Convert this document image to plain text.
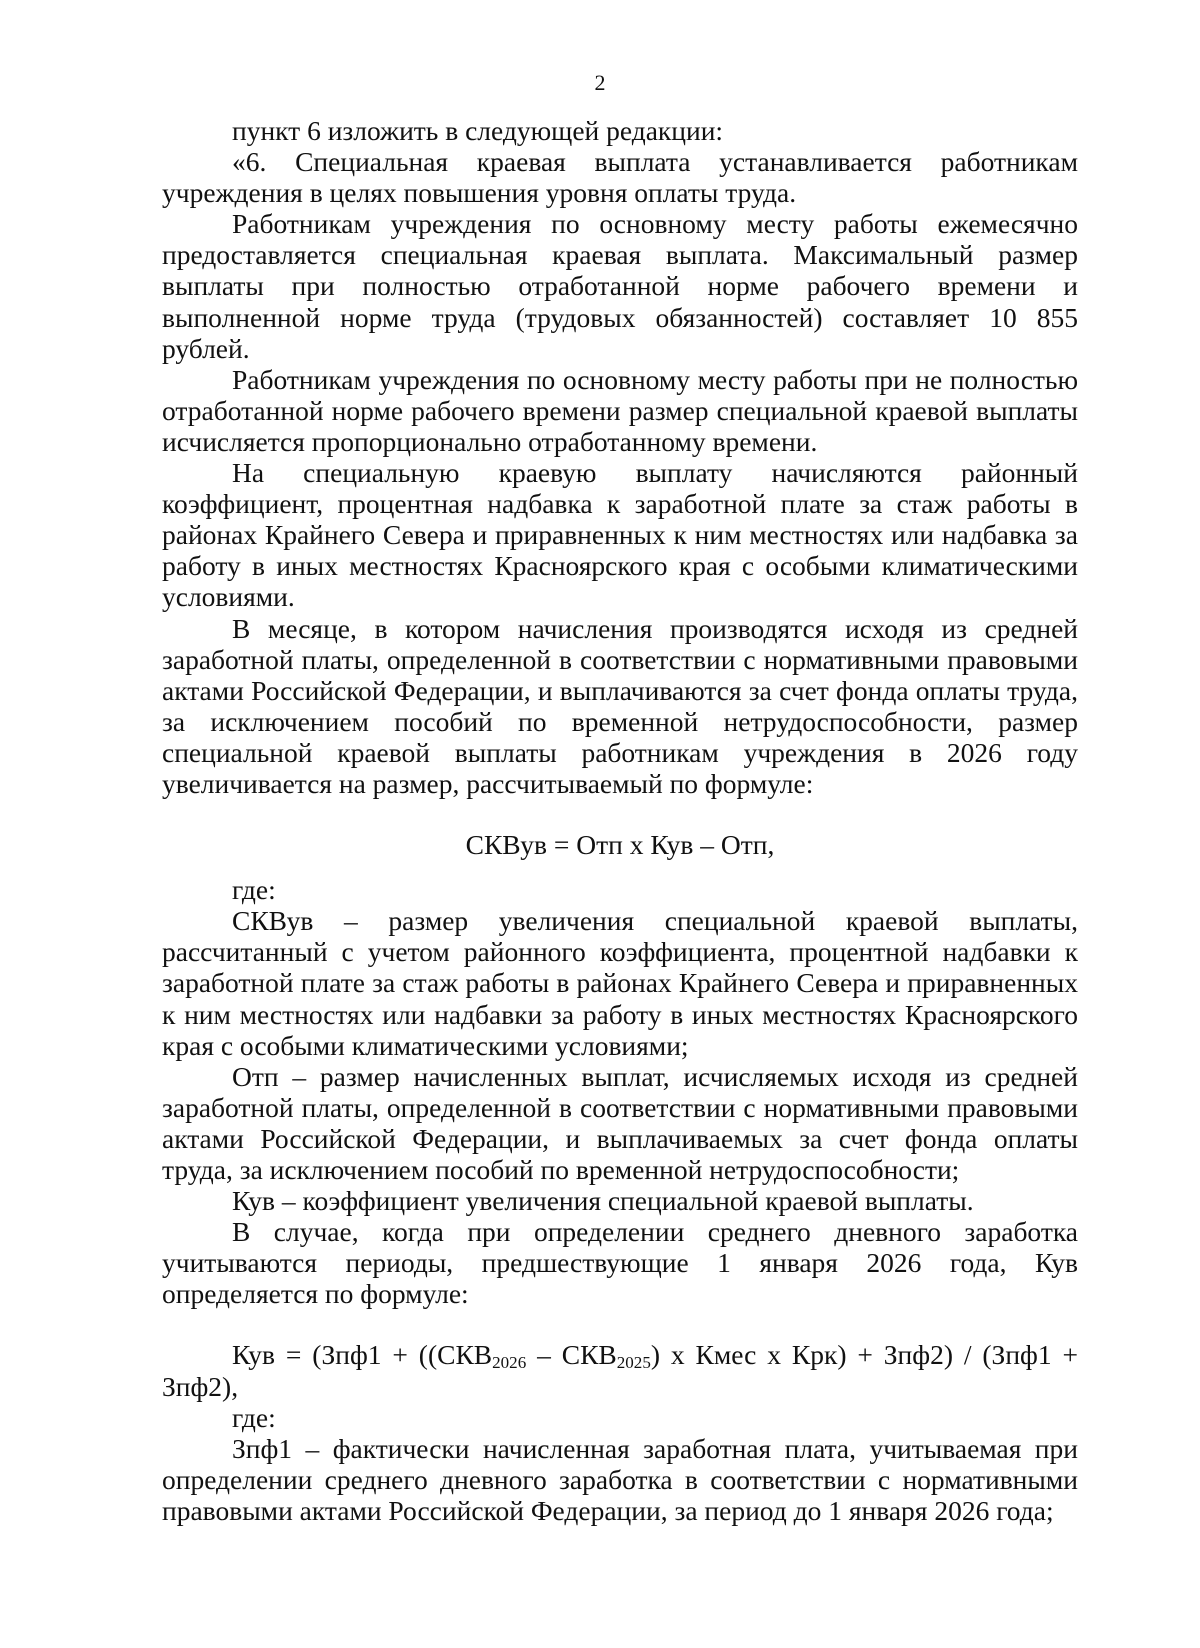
2

пункт 6 изложить в следующей редакции:

«6. Специальная краевая выплата устанавливается работникам учреждения в целях повышения уровня оплаты труда.

Работникам учреждения по основному месту работы ежемесячно предоставляется специальная краевая выплата. Максимальный размер выплаты при полностью отработанной норме рабочего времени и выполненной норме труда (трудовых обязанностей) составляет 10 855 рублей.

Работникам учреждения по основному месту работы при не полностью отработанной норме рабочего времени размер специальной краевой выплаты исчисляется пропорционально отработанному времени.

На специальную краевую выплату начисляются районный коэффициент, процентная надбавка к заработной плате за стаж работы в районах Крайнего Севера и приравненных к ним местностях или надбавка за работу в иных местностях Красноярского края с особыми климатическими условиями.

В месяце, в котором начисления производятся исходя из средней заработной платы, определенной в соответствии с нормативными правовыми актами Российской Федерации, и выплачиваются за счет фонда оплаты труда, за исключением пособий по временной нетрудоспособности, размер специальной краевой выплаты работникам учреждения в 2026 году увеличивается на размер, рассчитываемый по формуле:

СКВув = Отп x Кув – Отп,

где:

СКВув – размер увеличения специальной краевой выплаты, рассчитанный с учетом районного коэффициента, процентной надбавки к заработной плате за стаж работы в районах Крайнего Севера и приравненных к ним местностях или надбавки за работу в иных местностях Красноярского края с особыми климатическими условиями;

Отп – размер начисленных выплат, исчисляемых исходя из средней заработной платы, определенной в соответствии с нормативными правовыми актами Российской Федерации, и выплачиваемых за счет фонда оплаты труда, за исключением пособий по временной нетрудоспособности;

Кув – коэффициент увеличения специальной краевой выплаты.

В случае, когда при определении среднего дневного заработка учитываются периоды, предшествующие 1 января 2026 года, Кув определяется по формуле:

Кув = ($Зпф1 + ((СКВ_{2026} - СКВ_{2025})$ x Кмес x Крк) + Зпф2) / (Зпф1 + Зпф2),

где:

Зпф1 – фактически начисленная заработная плата, учитываемая при определении среднего дневного заработка в соответствии с нормативными правовыми актами Российской Федерации, за период до 1 января 2026 года;
